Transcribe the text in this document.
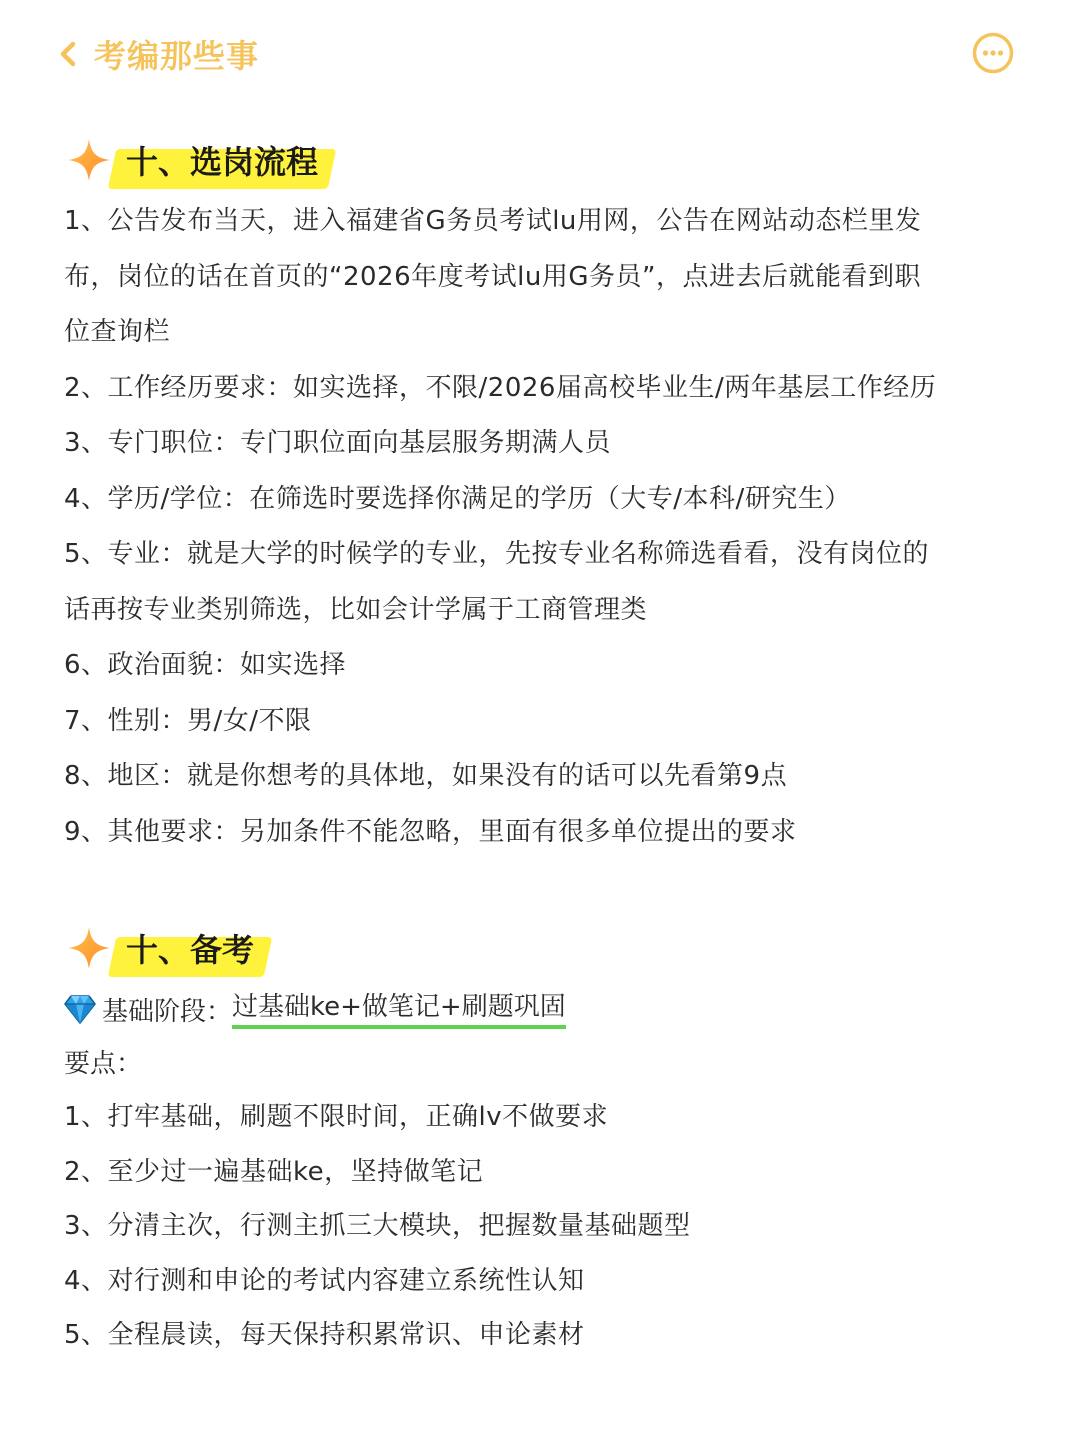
考编那些事
十、选岗流程
1、公告发布当天，进入福建省G务员考试lu用网，公告在网站动态栏里发
布，岗位的话在首页的“2026年度考试lu用G务员”，点进去后就能看到职
位查询栏
2、工作经历要求：如实选择，不限/2026届高校毕业生/两年基层工作经历
3、专门职位：专门职位面向基层服务期满人员
4、学历/学位：在筛选时要选择你满足的学历（大专/本科/研究生）
5、专业：就是大学的时候学的专业，先按专业名称筛选看看，没有岗位的
话再按专业类别筛选，比如会计学属于工商管理类
6、政治面貌：如实选择
7、性别：男/女/不限
8、地区：就是你想考的具体地，如果没有的话可以先看第9点
9、其他要求：另加条件不能忽略，里面有很多单位提出的要求
十、备考
基础阶段： 过基础ke+做笔记+刷题巩固
要点：
1、打牢基础，刷题不限时间，正确lv不做要求
2、至少过一遍基础ke，坚持做笔记
3、分清主次，行测主抓三大模块，把握数量基础题型
4、对行测和申论的考试内容建立系统性认知
5、全程晨读，每天保持积累常识、申论素材
